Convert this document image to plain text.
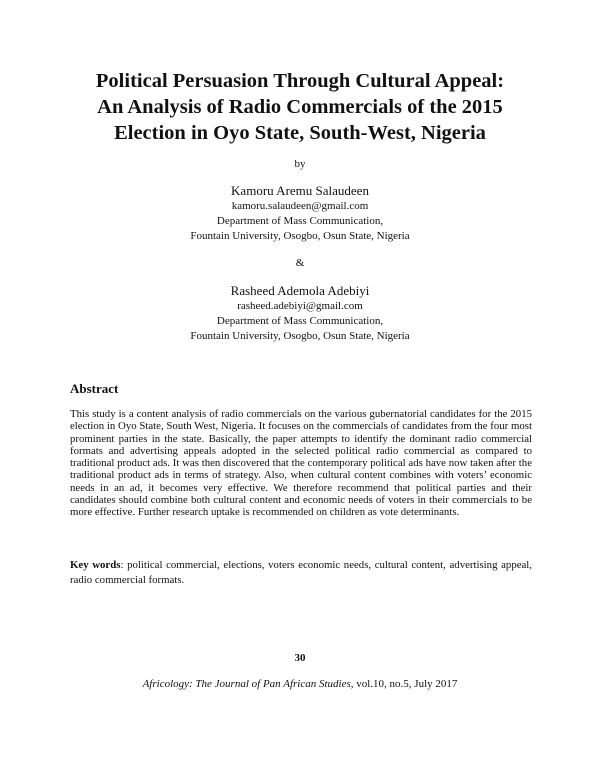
Political Persuasion Through Cultural Appeal:
An Analysis of Radio Commercials of the 2015
Election in Oyo State, South-West, Nigeria
by
Kamoru Aremu Salaudeen
kamoru.salaudeen@gmail.com
Department of Mass Communication,
Fountain University, Osogbo, Osun State, Nigeria
&
Rasheed Ademola Adebiyi
rasheed.adebiyi@gmail.com
Department of Mass Communication,
Fountain University, Osogbo, Osun State, Nigeria
Abstract

This study is a content analysis of radio commercials on the various gubernatorial candidates for the 2015 election in Oyo State, South West, Nigeria. It focuses on the commercials of candidates from the four most prominent parties in the state. Basically, the paper attempts to identify the dominant radio commercial formats and advertising appeals adopted in the selected political radio commercial as compared to traditional product ads. It was then discovered that the contemporary political ads have now taken after the traditional product ads in terms of strategy. Also, when cultural content combines with voters’ economic needs in an ad, it becomes very effective. We therefore recommend that political parties and their candidates should combine both cultural content and economic needs of voters in their commercials to be more effective. Further research uptake is recommended on children as vote determinants.

Key words: political commercial, elections, voters economic needs, cultural content, advertising appeal, radio commercial formats.

30
Africology: The Journal of Pan African Studies, vol.10, no.5, July 2017
